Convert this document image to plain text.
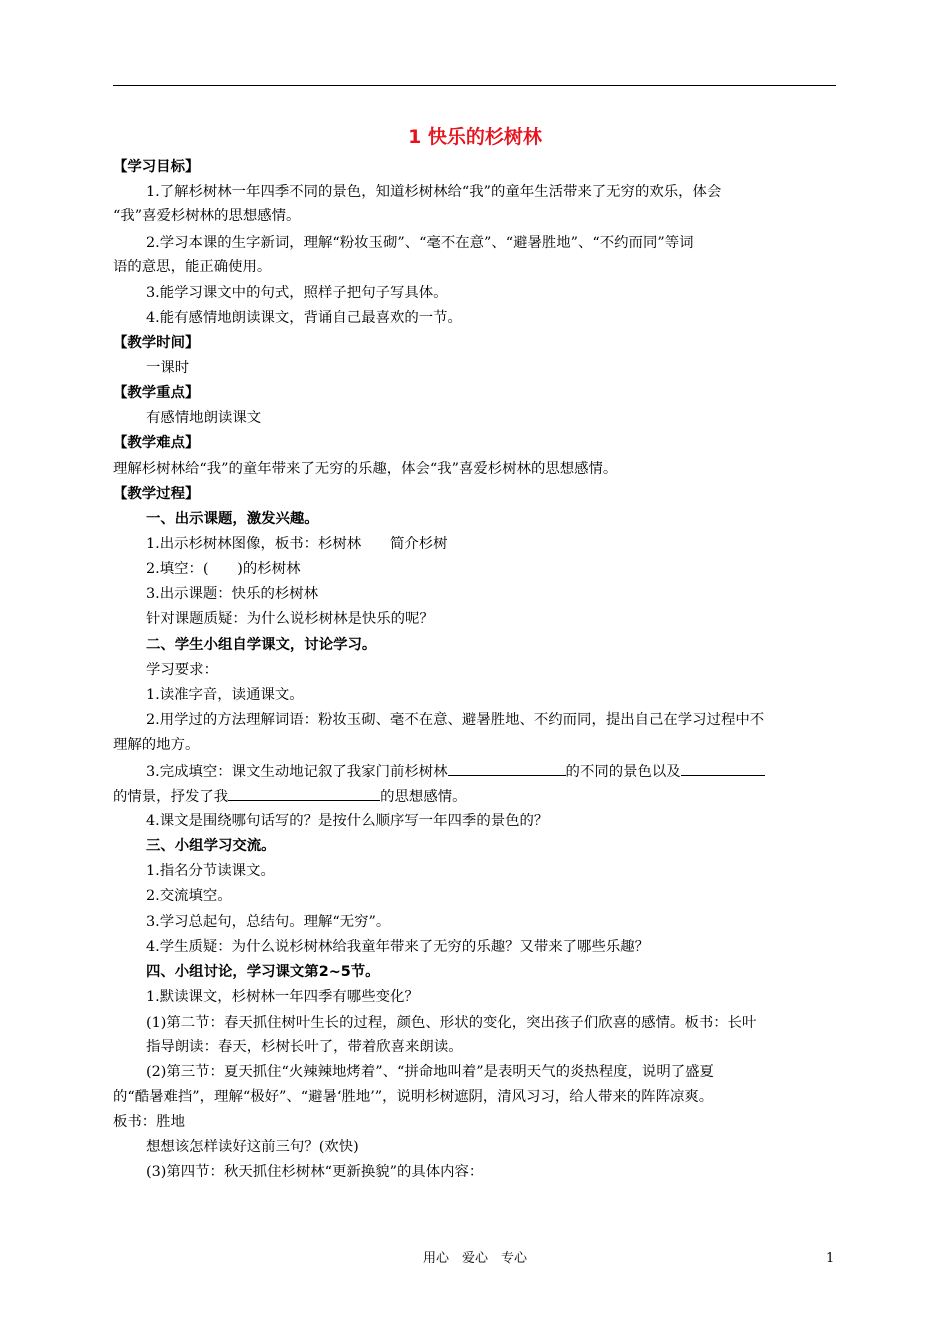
1 快乐的杉树林
【学习目标】
1.了解杉树林一年四季不同的景色，知道杉树林给“我”的童年生活带来了无穷的欢乐，体会
“我”喜爱杉树林的思想感情。
2.学习本课的生字新词，理解“粉妆玉砌”、“毫不在意”、“避暑胜地”、“不约而同”等词
语的意思，能正确使用。
3.能学习课文中的句式，照样子把句子写具体。
4.能有感情地朗读课文，背诵自己最喜欢的一节。
【教学时间】
一课时
【教学重点】
有感情地朗读课文
【教学难点】
理解杉树林给“我”的童年带来了无穷的乐趣，体会“我”喜爱杉树林的思想感情。
【教学过程】
一、出示课题，激发兴趣。
1.出示杉树林图像，板书：杉树林　　简介杉树
2.填空：(　　)的杉树林
3.出示课题：快乐的杉树林
针对课题质疑：为什么说杉树林是快乐的呢？
二、学生小组自学课文，讨论学习。
学习要求：
1.读准字音，读通课文。
2.用学过的方法理解词语：粉妆玉砌、毫不在意、避暑胜地、不约而同，提出自己在学习过程中不
理解的地方。
3.完成填空：课文生动地记叙了我家门前杉树林	的不同的景色以及
的情景，抒发了我	的思想感情。
4.课文是围绕哪句话写的？是按什么顺序写一年四季的景色的？
三、小组学习交流。
1.指名分节读课文。
2.交流填空。
3.学习总起句，总结句。理解“无穷”。
4.学生质疑：为什么说杉树林给我童年带来了无穷的乐趣？又带来了哪些乐趣？
四、小组讨论，学习课文第2~5节。
1.默读课文，杉树林一年四季有哪些变化？
(1)第二节：春天抓住树叶生长的过程，颜色、形状的变化，突出孩子们欣喜的感情。板书：长叶
指导朗读：春天，杉树长叶了，带着欣喜来朗读。
(2)第三节：夏天抓住“火辣辣地烤着”、“拼命地叫着”是表明天气的炎热程度，说明了盛夏
的“酷暑难挡”，理解“极好”、“避暑‘胜地’”，说明杉树遮阴，清风习习，给人带来的阵阵凉爽。
板书：胜地
想想该怎样读好这前三句？(欢快)
(3)第四节：秋天抓住杉树林“更新换貌”的具体内容：
用心　爱心　专心	1
